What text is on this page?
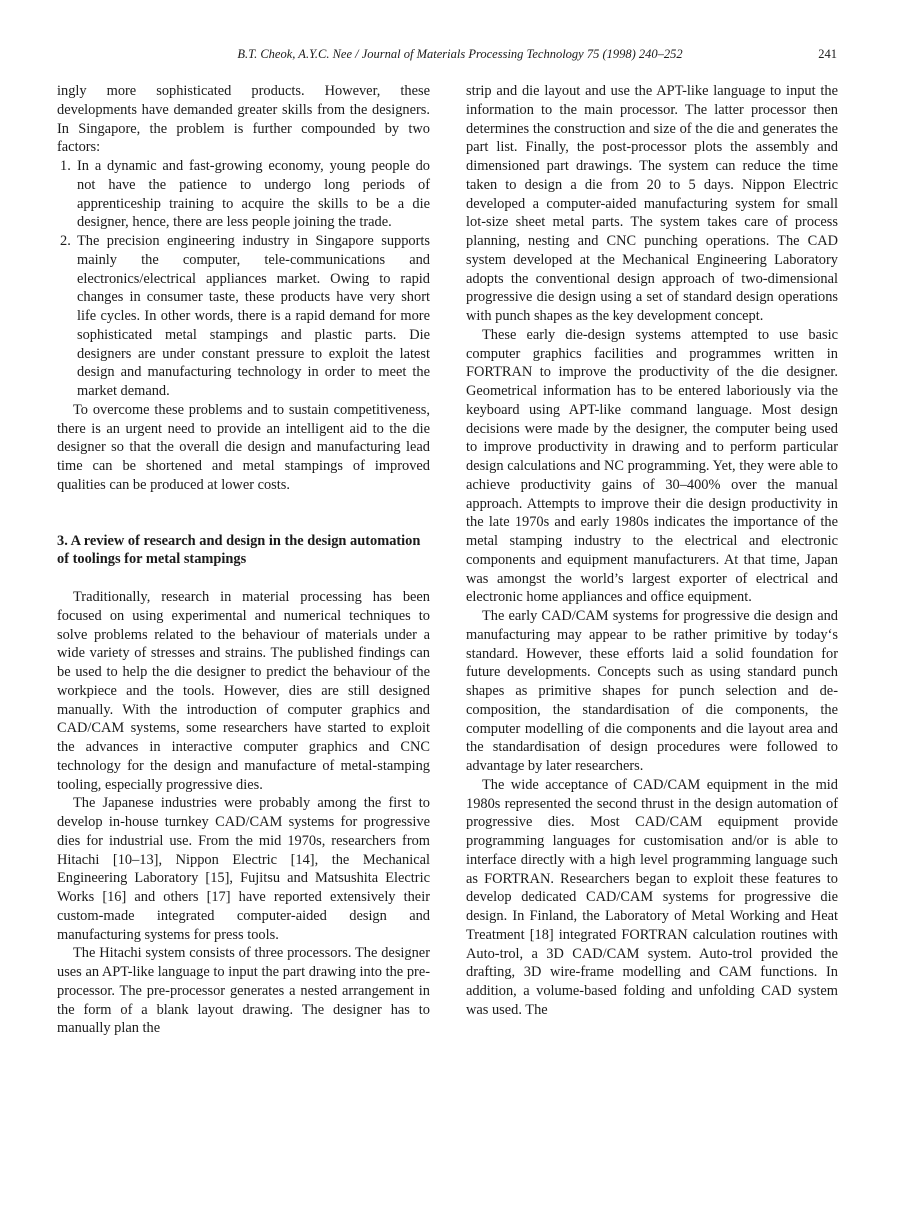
B.T. Cheok, A.Y.C. Nee / Journal of Materials Processing Technology 75 (1998) 240–252	241

ingly more sophisticated products. However, these developments have demanded greater skills from the designers. In Singapore, the problem is further compounded by two factors:

1. In a dynamic and fast-growing economy, young people do not have the patience to undergo long periods of apprenticeship training to acquire the skills to be a die designer, hence, there are less people joining the trade.
2. The precision engineering industry in Singapore supports mainly the computer, tele-communications and electronics/electrical appliances market. Owing to rapid changes in consumer taste, these products have very short life cycles. In other words, there is a rapid demand for more sophisticated metal stampings and plastic parts. Die designers are under constant pressure to exploit the latest design and manufacturing technology in order to meet the market demand.

To overcome these problems and to sustain competitiveness, there is an urgent need to provide an intelligent aid to the die designer so that the overall die design and manufacturing lead time can be shortened and metal stampings of improved qualities can be produced at lower costs.

3. A review of research and design in the design automation of toolings for metal stampings

Traditionally, research in material processing has been focused on using experimental and numerical techniques to solve problems related to the behaviour of materials under a wide variety of stresses and strains. The published findings can be used to help the die designer to predict the behaviour of the workpiece and the tools. However, dies are still designed manually. With the introduction of computer graphics and CAD/CAM systems, some researchers have started to exploit the advances in interactive computer graphics and CNC technology for the design and manufacture of metal-stamping tooling, especially progressive dies.

The Japanese industries were probably among the first to develop in-house turnkey CAD/CAM systems for progressive dies for industrial use. From the mid 1970s, researchers from Hitachi [10–13], Nippon Electric [14], the Mechanical Engineering Laboratory [15], Fujitsu and Matsushita Electric Works [16] and others [17] have reported extensively their custom-made integrated computer-aided design and manufacturing systems for press tools.

The Hitachi system consists of three processors. The designer uses an APT-like language to input the part drawing into the pre-processor. The pre-processor generates a nested arrangement in the form of a blank layout drawing. The designer has to manually plan the

strip and die layout and use the APT-like language to input the information to the main processor. The latter processor then determines the construction and size of the die and generates the part list. Finally, the post-processor plots the assembly and dimensioned part drawings. The system can reduce the time taken to design a die from 20 to 5 days. Nippon Electric developed a computer-aided manufacturing system for small lot-size sheet metal parts. The system takes care of process planning, nesting and CNC punching operations. The CAD system developed at the Mechanical Engineering Laboratory adopts the conventional design approach of two-dimensional progressive die design using a set of standard design operations with punch shapes as the key development concept.

These early die-design systems attempted to use basic computer graphics facilities and programmes written in FORTRAN to improve the productivity of the die designer. Geometrical information has to be entered laboriously via the keyboard using APT-like command language. Most design decisions were made by the designer, the computer being used to improve productivity in drawing and to perform particular design calculations and NC programming. Yet, they were able to achieve productivity gains of 30–400% over the manual approach. Attempts to improve their die design productivity in the late 1970s and early 1980s indicates the importance of the metal stamping industry to the electrical and electronic components and equipment manufacturers. At that time, Japan was amongst the world’s largest exporter of electrical and electronic home appliances and office equipment.

The early CAD/CAM systems for progressive die design and manufacturing may appear to be rather primitive by today‘s standard. However, these efforts laid a solid foundation for future developments. Concepts such as using standard punch shapes as primitive shapes for punch selection and de-composition, the standardisation of die components, the computer modelling of die components and die layout area and the standardisation of design procedures were followed to advantage by later researchers.

The wide acceptance of CAD/CAM equipment in the mid 1980s represented the second thrust in the design automation of progressive dies. Most CAD/CAM equipment provide programming languages for customisation and/or is able to interface directly with a high level programming language such as FORTRAN. Researchers began to exploit these features to develop dedicated CAD/CAM systems for progressive die design. In Finland, the Laboratory of Metal Working and Heat Treatment [18] integrated FORTRAN calculation routines with Auto-trol, a 3D CAD/CAM system. Auto-trol provided the drafting, 3D wire-frame modelling and CAM functions. In addition, a volume-based folding and unfolding CAD system was used. The
